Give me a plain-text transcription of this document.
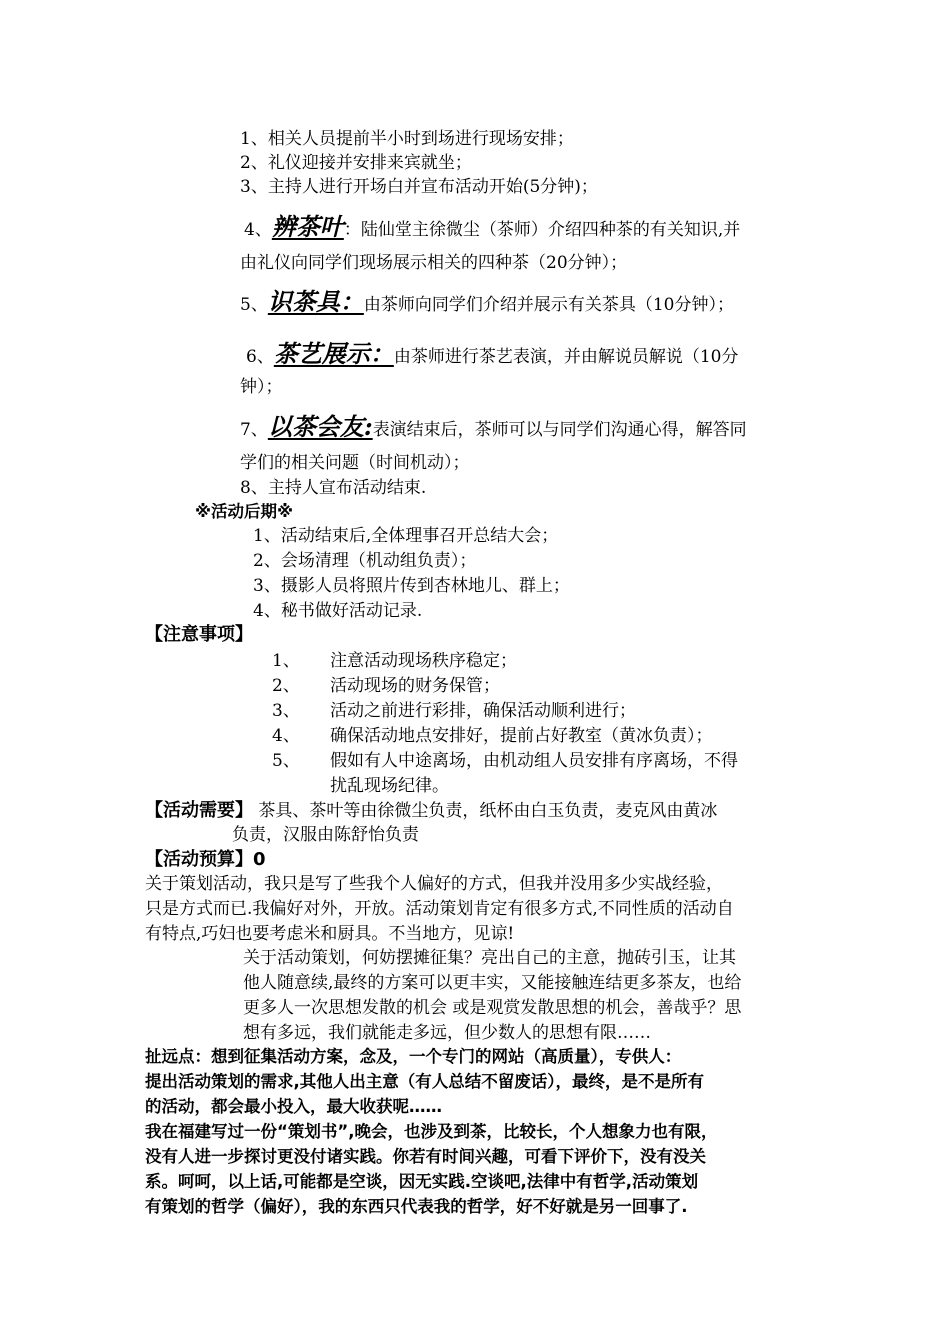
1、相关人员提前半小时到场进行现场安排；
2、礼仪迎接并安排来宾就坐；
3、主持人进行开场白并宣布活动开始(5分钟)；
4、辨茶叶：陆仙堂主徐微尘（茶师）介绍四种茶的有关知识,并
由礼仪向同学们现场展示相关的四种茶（20分钟）；
5、识茶具：由茶师向同学们介绍并展示有关茶具（10分钟）；
6、茶艺展示：由茶师进行茶艺表演，并由解说员解说（10分
钟）；
7、以茶会友:表演结束后，茶师可以与同学们沟通心得，解答同
学们的相关问题（时间机动）；
8、主持人宣布活动结束.
※活动后期※
1、活动结束后,全体理事召开总结大会；
2、会场清理（机动组负责）；
3、摄影人员将照片传到杏林地儿、群上；
4、秘书做好活动记录.
【注意事项】
1、 注意活动现场秩序稳定；
2、 活动现场的财务保管；
3、 活动之前进行彩排，确保活动顺利进行；
4、 确保活动地点安排好，提前占好教室（黄冰负责）；
5、 假如有人中途离场，由机动组人员安排有序离场，不得
扰乱现场纪律。
【活动需要】 茶具、茶叶等由徐微尘负责，纸杯由白玉负责，麦克风由黄冰
负责，汉服由陈舒怡负责
【活动预算】0
关于策划活动，我只是写了些我个人偏好的方式，但我并没用多少实战经验，
只是方式而已.我偏好对外，开放。活动策划肯定有很多方式,不同性质的活动自
有特点,巧妇也要考虑米和厨具。不当地方，见谅!
关于活动策划，何妨摆摊征集？亮出自己的主意，抛砖引玉，让其
他人随意续,最终的方案可以更丰实，又能接触连结更多茶友，也给
更多人一次思想发散的机会 或是观赏发散思想的机会，善哉乎？思
想有多远，我们就能走多远，但少数人的思想有限……
扯远点：想到征集活动方案，念及，一个专门的网站（高质量），专供人：
提出活动策划的需求,其他人出主意（有人总结不留废话），最终，是不是所有
的活动，都会最小投入，最大收获呢……
我在福建写过一份“策划书”,晚会，也涉及到茶，比较长，个人想象力也有限，
没有人进一步探讨更没付诸实践。你若有时间兴趣，可看下评价下，没有没关
系。呵呵，以上话,可能都是空谈，因无实践.空谈吧,法律中有哲学,活动策划
有策划的哲学（偏好），我的东西只代表我的哲学，好不好就是另一回事了.
